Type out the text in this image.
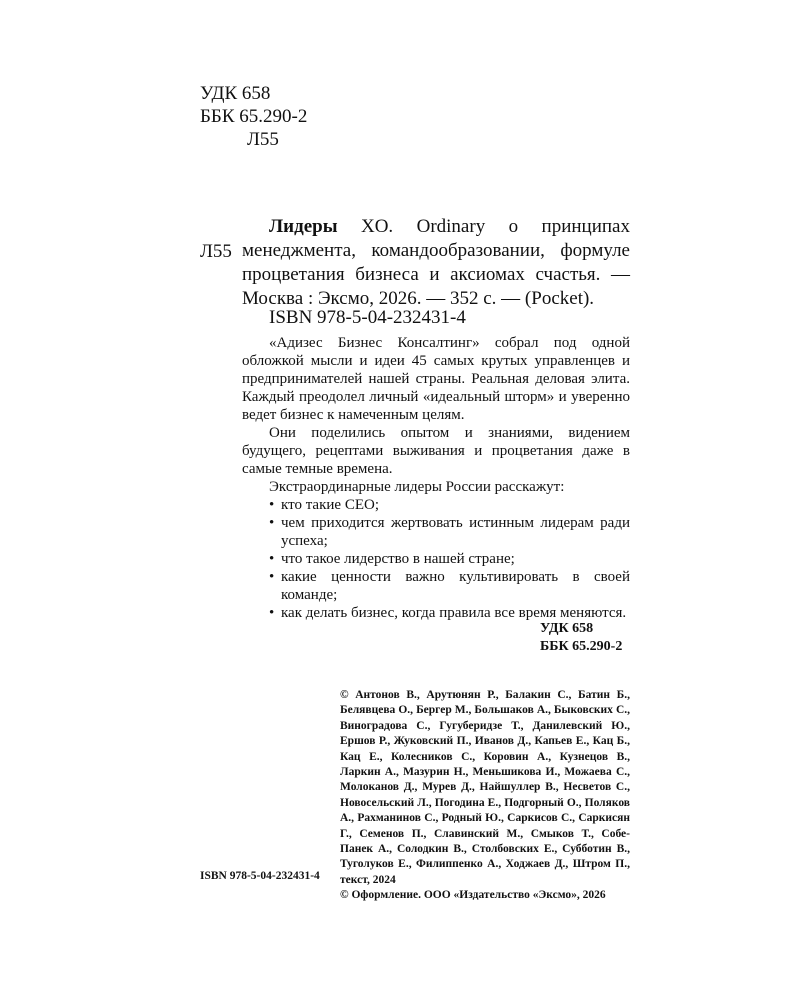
УДК 658
ББК 65.290-2
Л55
Л55
Лидеры XO. Ordinary о принципах менеджмента, командообразовании, формуле процветания бизнеса и аксиомах счастья. — Москва : Эксмо, 2026. — 352 с. — (Pocket).
ISBN 978-5-04-232431-4

«Адизес Бизнес Консалтинг» собрал под одной обложкой мысли и идеи 45 самых крутых управленцев и предпринимателей нашей страны. Реальная деловая элита. Каждый преодолел личный «идеальный шторм» и уверенно ведет бизнес к намеченным целям.

Они поделились опытом и знаниями, видением будущего, рецептами выживания и процветания даже в самые темные времена.

Экстраординарные лидеры России расскажут:

• кто такие CEO;
• чем приходится жертвовать истинным лидерам ради успеха;
• что такое лидерство в нашей стране;
• какие ценности важно культивировать в своей команде;
• как делать бизнес, когда правила все время меняются.
УДК 658
ББК 65.290-2

© Антонов В., Арутюнян Р., Балакин С., Батин Б., Белявцева О., Бергер М., Большаков А., Быковских С., Виноградова С., Гугуберидзе Т., Данилевский Ю., Ершов Р., Жуковский П., Иванов Д., Капьев Е., Кац Б., Кац Е., Колесников С., Коровин А., Кузнецов В., Ларкин А., Мазурин Н., Меньшикова И., Можаева С., Молоканов Д., Мурев Д., Найшуллер В., Несветов С., Новосельский Л., Погодина Е., Подгорный О., Поляков А., Рахманинов С., Родный Ю., Саркисов С., Саркисян Г., Семенов П., Славинский М., Смыков Т., Собе-Панек А., Солодкин В., Столбовских Е., Субботин В., Туголуков Е., Филиппенко А., Ходжаев Д., Штром П., текст, 2024

© Оформление. ООО «Издательство «Эксмо», 2026

ISBN 978-5-04-232431-4
